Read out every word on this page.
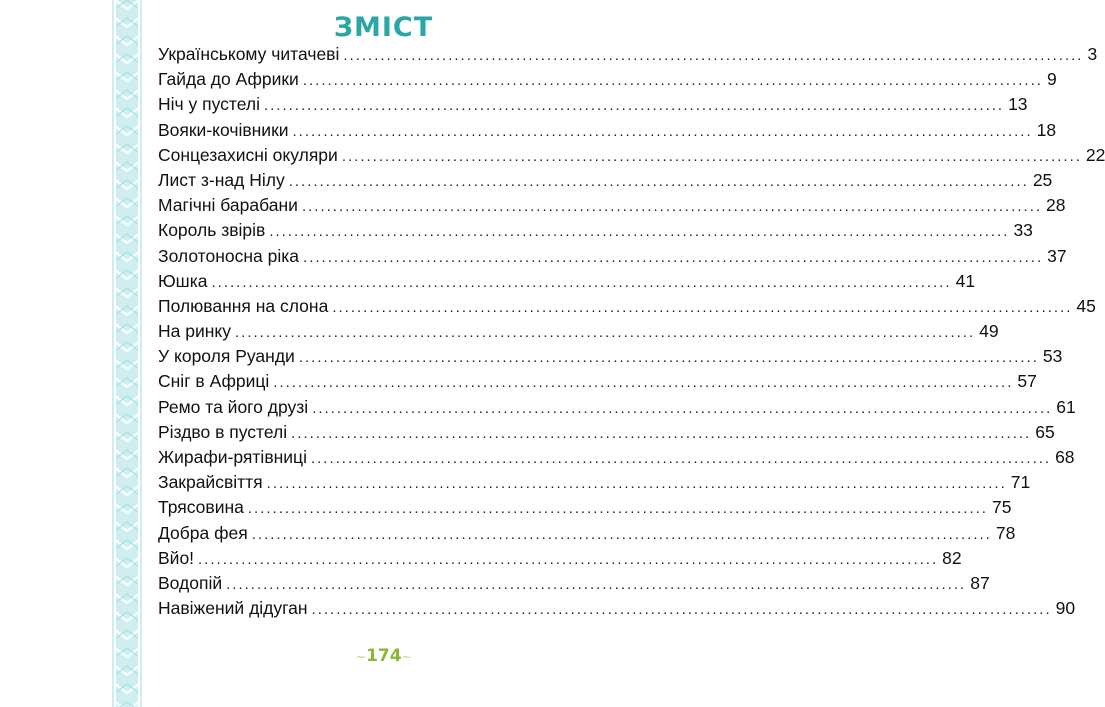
ЗМІСТ
Українському читачеві ........................................................................................................................ 3
Гайда до Африки ........................................................................................................................ 9
Ніч у пустелі ........................................................................................................................ 13
Вояки-кочівники ........................................................................................................................ 18
Сонцезахисні окуляри ........................................................................................................................ 22
Лист з-над Нілу ........................................................................................................................ 25
Магічні барабани ........................................................................................................................ 28
Король звірів ........................................................................................................................ 33
Золотоносна ріка ........................................................................................................................ 37
Юшка ........................................................................................................................ 41
Полювання на слона ........................................................................................................................ 45
На ринку ........................................................................................................................ 49
У короля Руанди ........................................................................................................................ 53
Сніг в Африці ........................................................................................................................ 57
Ремо та його друзі ........................................................................................................................ 61
Різдво в пустелі ........................................................................................................................ 65
Жирафи-рятівниці ........................................................................................................................ 68
Закрайсвіття ........................................................................................................................ 71
Трясовина ........................................................................................................................ 75
Добра фея ........................................................................................................................ 78
Вйо! ........................................................................................................................ 82
Водопій ........................................................................................................................ 87
Навіжений дідуган ........................................................................................................................ 90
~174~
